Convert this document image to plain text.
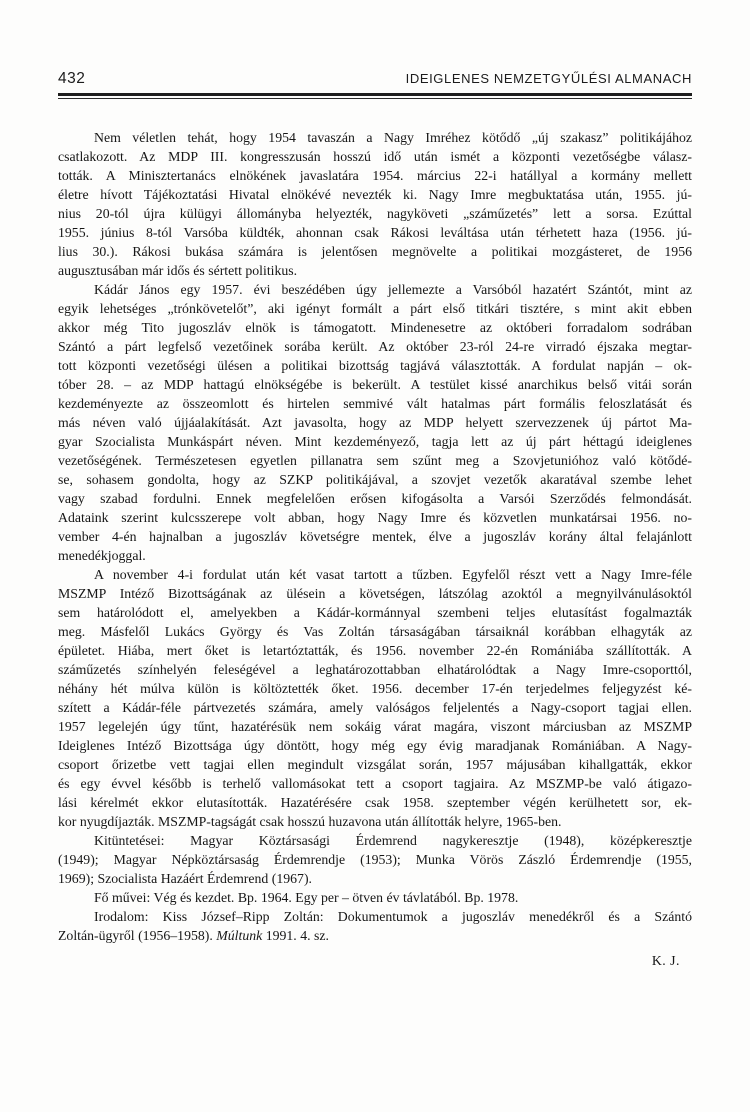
432	IDEIGLENES NEMZETGYŰLÉSI ALMANACH
Nem véletlen tehát, hogy 1954 tavaszán a Nagy Imréhez kötődő „új szakasz” politikájához
csatlakozott. Az MDP III. kongresszusán hosszú idő után ismét a központi vezetőségbe válasz-
tották. A Minisztertanács elnökének javaslatára 1954. március 22-i hatállyal a kormány mellett
életre hívott Tájékoztatási Hivatal elnökévé nevezték ki. Nagy Imre megbuktatása után, 1955. jú-
nius 20-tól újra külügyi állományba helyezték, nagyköveti „száműzetés” lett a sorsa. Ezúttal
1955. június 8-tól Varsóba küldték, ahonnan csak Rákosi leváltása után térhetett haza (1956. jú-
lius 30.). Rákosi bukása számára is jelentősen megnövelte a politikai mozgásteret, de 1956
augusztusában már idős és sértett politikus.
Kádár János egy 1957. évi beszédében úgy jellemezte a Varsóból hazatért Szántót, mint az
egyik lehetséges „trónkövetelőt”, aki igényt formált a párt első titkári tisztére, s mint akit ebben
akkor még Tito jugoszláv elnök is támogatott. Mindenesetre az októberi forradalom sodrában
Szántó a párt legfelső vezetőinek sorába került. Az október 23-ról 24-re virradó éjszaka megtar-
tott központi vezetőségi ülésen a politikai bizottság tagjává választották. A fordulat napján – ok-
tóber 28. – az MDP hattagú elnökségébe is bekerült. A testület kissé anarchikus belső vitái során
kezdeményezte az összeomlott és hirtelen semmivé vált hatalmas párt formális feloszlatását és
más néven való újjáalakítását. Azt javasolta, hogy az MDP helyett szervezzenek új pártot Ma-
gyar Szocialista Munkáspárt néven. Mint kezdeményező, tagja lett az új párt héttagú ideiglenes
vezetőségének. Természetesen egyetlen pillanatra sem szűnt meg a Szovjetunióhoz való kötődé-
se, sohasem gondolta, hogy az SZKP politikájával, a szovjet vezetők akaratával szembe lehet
vagy szabad fordulni. Ennek megfelelően erősen kifogásolta a Varsói Szerződés felmondását.
Adataink szerint kulcsszerepe volt abban, hogy Nagy Imre és közvetlen munkatársai 1956. no-
vember 4-én hajnalban a jugoszláv követségre mentek, élve a jugoszláv korány által felajánlott
menedékjoggal.
A november 4-i fordulat után két vasat tartott a tűzben. Egyfelől részt vett a Nagy Imre-féle
MSZMP Intéző Bizottságának az ülésein a követségen, látszólag azoktól a megnyilvánulásoktól
sem határolódott el, amelyekben a Kádár-kormánnyal szembeni teljes elutasítást fogalmazták
meg. Másfelől Lukács György és Vas Zoltán társaságában társaiknál korábban elhagyták az
épületet. Hiába, mert őket is letartóztatták, és 1956. november 22-én Romániába szállították. A
száműzetés színhelyén feleségével a leghatározottabban elhatárolódtak a Nagy Imre-csoporttól,
néhány hét múlva külön is költöztették őket. 1956. december 17-én terjedelmes feljegyzést ké-
szített a Kádár-féle pártvezetés számára, amely valóságos feljelentés a Nagy-csoport tagjai ellen.
1957 legelején úgy tűnt, hazatérésük nem sokáig várat magára, viszont márciusban az MSZMP
Ideiglenes Intéző Bizottsága úgy döntött, hogy még egy évig maradjanak Romániában. A Nagy-
csoport őrizetbe vett tagjai ellen megindult vizsgálat során, 1957 májusában kihallgatták, ekkor
és egy évvel később is terhelő vallomásokat tett a csoport tagjaira. Az MSZMP-be való átigazo-
lási kérelmét ekkor elutasították. Hazatérésére csak 1958. szeptember végén kerülhetett sor, ek-
kor nyugdíjazták. MSZMP-tagságát csak hosszú huzavona után állították helyre, 1965-ben.
Kitüntetései: Magyar Köztársasági Érdemrend nagykeresztje (1948), középkeresztje
(1949); Magyar Népköztársaság Érdemrendje (1953); Munka Vörös Zászló Érdemrendje (1955,
1969); Szocialista Hazáért Érdemrend (1967).
Fő művei: Vég és kezdet. Bp. 1964. Egy per – ötven év távlatából. Bp. 1978.
Irodalom: Kiss József–Ripp Zoltán: Dokumentumok a jugoszláv menedékről és a Szántó
Zoltán-ügyről (1956–1958). Múltunk 1991. 4. sz.
K. J.
